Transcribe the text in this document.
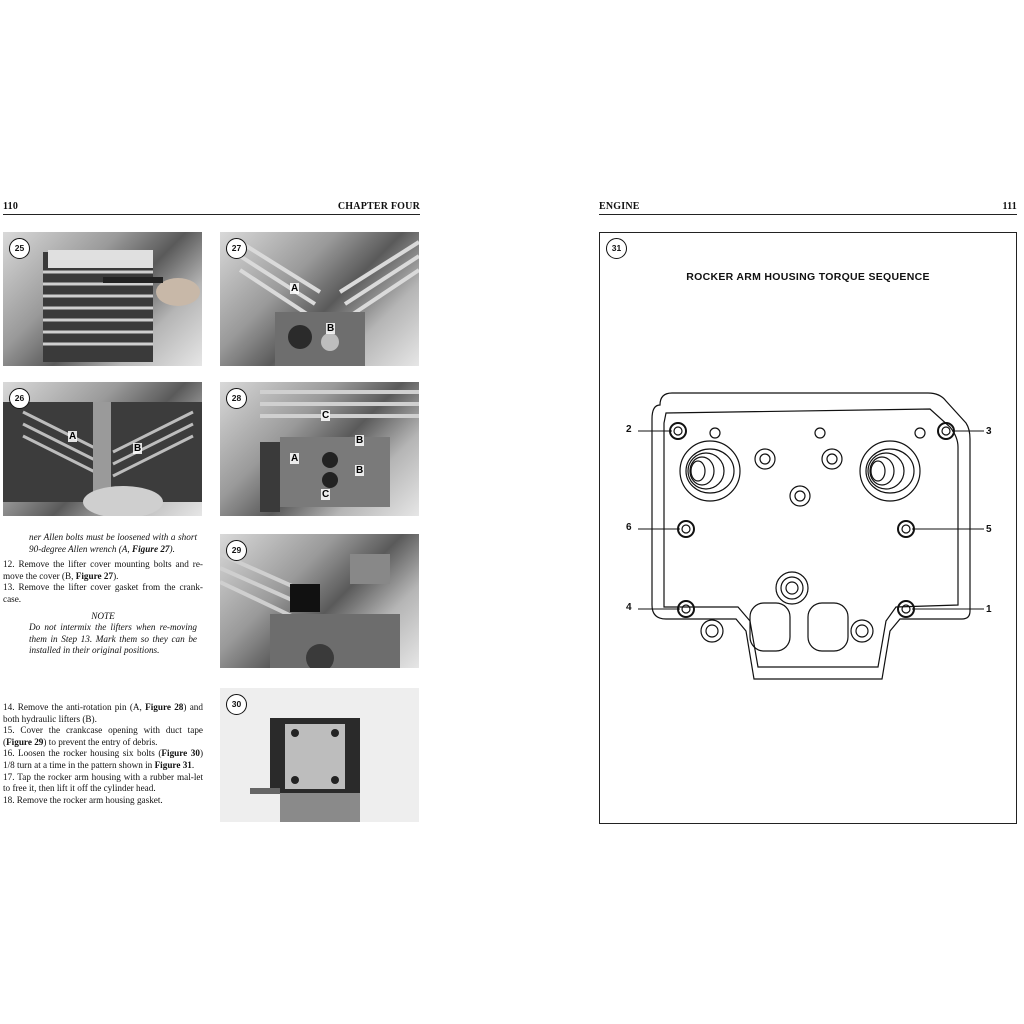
110	CHAPTER FOUR
25	27
A
B
26
A
B
28
C
B
A
B
C

ner Allen bolts must be loosened with a short 90-degree Allen wrench (A, Figure 27).

12. Remove the lifter cover mounting bolts and re-move the cover (B, Figure 27).

13. Remove the lifter cover gasket from the crank-case.

NOTE

Do not intermix the lifters when re-moving them in Step 13. Mark them so they can be installed in their original positions.

14. Remove the anti-rotation pin (A, Figure 28) and both hydraulic lifters (B).

15. Cover the crankcase opening with duct tape (Figure 29) to prevent the entry of debris.

16. Loosen the rocker housing six bolts (Figure 30) 1/8 turn at a time in the pattern shown in Figure 31.

17. Tap the rocker arm housing with a rubber mal-let to free it, then lift it off the cylinder head.

18. Remove the rocker arm housing gasket.

29
30
ENGINE	111
31
ROCKER ARM HOUSING TORQUE SEQUENCE
2	3
6	5
4	1
